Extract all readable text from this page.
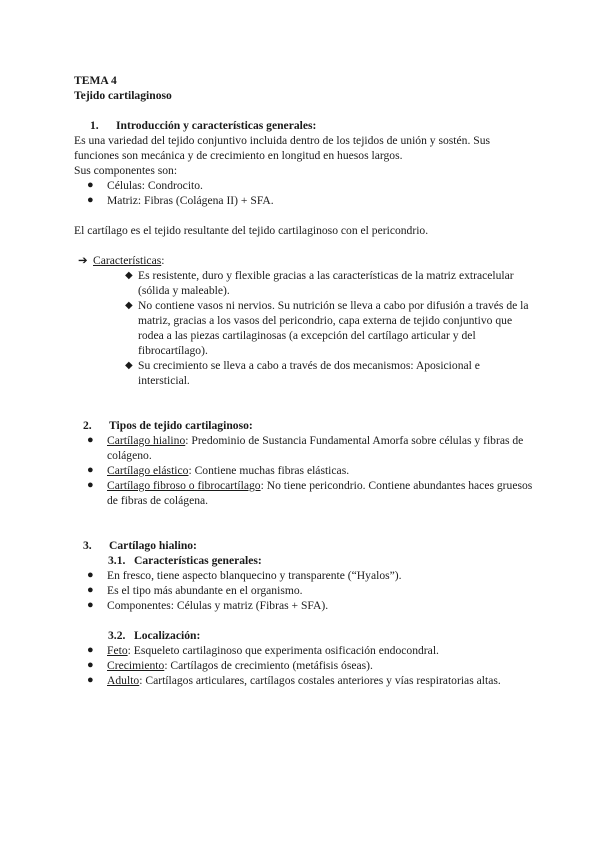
TEMA 4
Tejido cartilaginoso
1. Introducción y características generales:
Es una variedad del tejido conjuntivo incluida dentro de los tejidos de unión y sostén. Sus funciones son mecánica y de crecimiento en longitud en huesos largos.
Sus componentes son:
● Células: Condrocito.
● Matriz: Fibras (Colágena II) + SFA.
El cartílago es el tejido resultante del tejido cartilaginoso con el pericondrio.
➔ Características:
◆ Es resistente, duro y flexible gracias a las características de la matriz extracelular (sólida y maleable).
◆ No contiene vasos ni nervios. Su nutrición se lleva a cabo por difusión a través de la matriz, gracias a los vasos del pericondrio, capa externa de tejido conjuntivo que rodea a las piezas cartilaginosas (a excepción del cartílago articular y del fibrocartílago).
◆ Su crecimiento se lleva a cabo a través de dos mecanismos: Aposicional e intersticial.
2. Tipos de tejido cartilaginoso:
● Cartílago hialino: Predominio de Sustancia Fundamental Amorfa sobre células y fibras de colágeno.
● Cartílago elástico: Contiene muchas fibras elásticas.
● Cartílago fibroso o fibrocartílago: No tiene pericondrio. Contiene abundantes haces gruesos de fibras de colágena.
3. Cartílago hialino:
3.1. Características generales:
● En fresco, tiene aspecto blanquecino y transparente (“Hyalos”).
● Es el tipo más abundante en el organismo.
● Componentes: Células y matriz (Fibras + SFA).
3.2. Localización:
● Feto: Esqueleto cartilaginoso que experimenta osificación endocondral.
● Crecimiento: Cartílagos de crecimiento (metáfisis óseas).
● Adulto: Cartílagos articulares, cartílagos costales anteriores y vías respiratorias altas.
